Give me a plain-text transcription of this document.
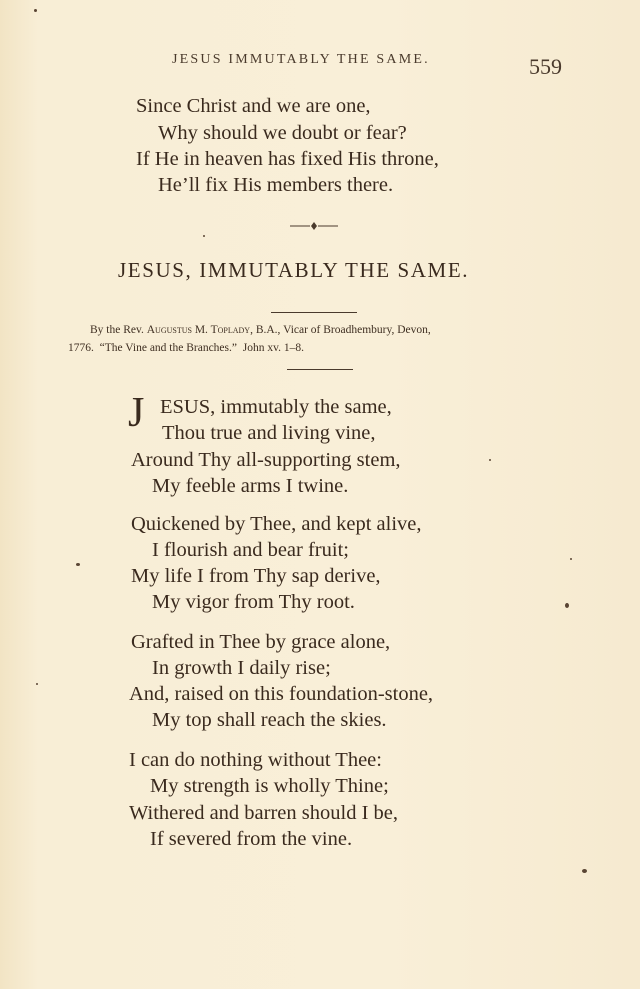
JESUS IMMUTABLY THE SAME.	559
Since Christ and we are one,
Why should we doubt or fear?
If He in heaven has fixed His throne,
He’ll fix His members there.
JESUS, IMMUTABLY THE SAME.
By the Rev. Augustus M. Toplady, B.A., Vicar of Broadhembury, Devon,
1776. “The Vine and the Branches.” John xv. 1–8.
J ESUS, immutably the same,
Thou true and living vine,
Around Thy all-supporting stem,
My feeble arms I twine.
Quickened by Thee, and kept alive,
I flourish and bear fruit;
My life I from Thy sap derive,
My vigor from Thy root.
Grafted in Thee by grace alone,
In growth I daily rise;
And, raised on this foundation-stone,
My top shall reach the skies.
I can do nothing without Thee:
My strength is wholly Thine;
Withered and barren should I be,
If severed from the vine.
